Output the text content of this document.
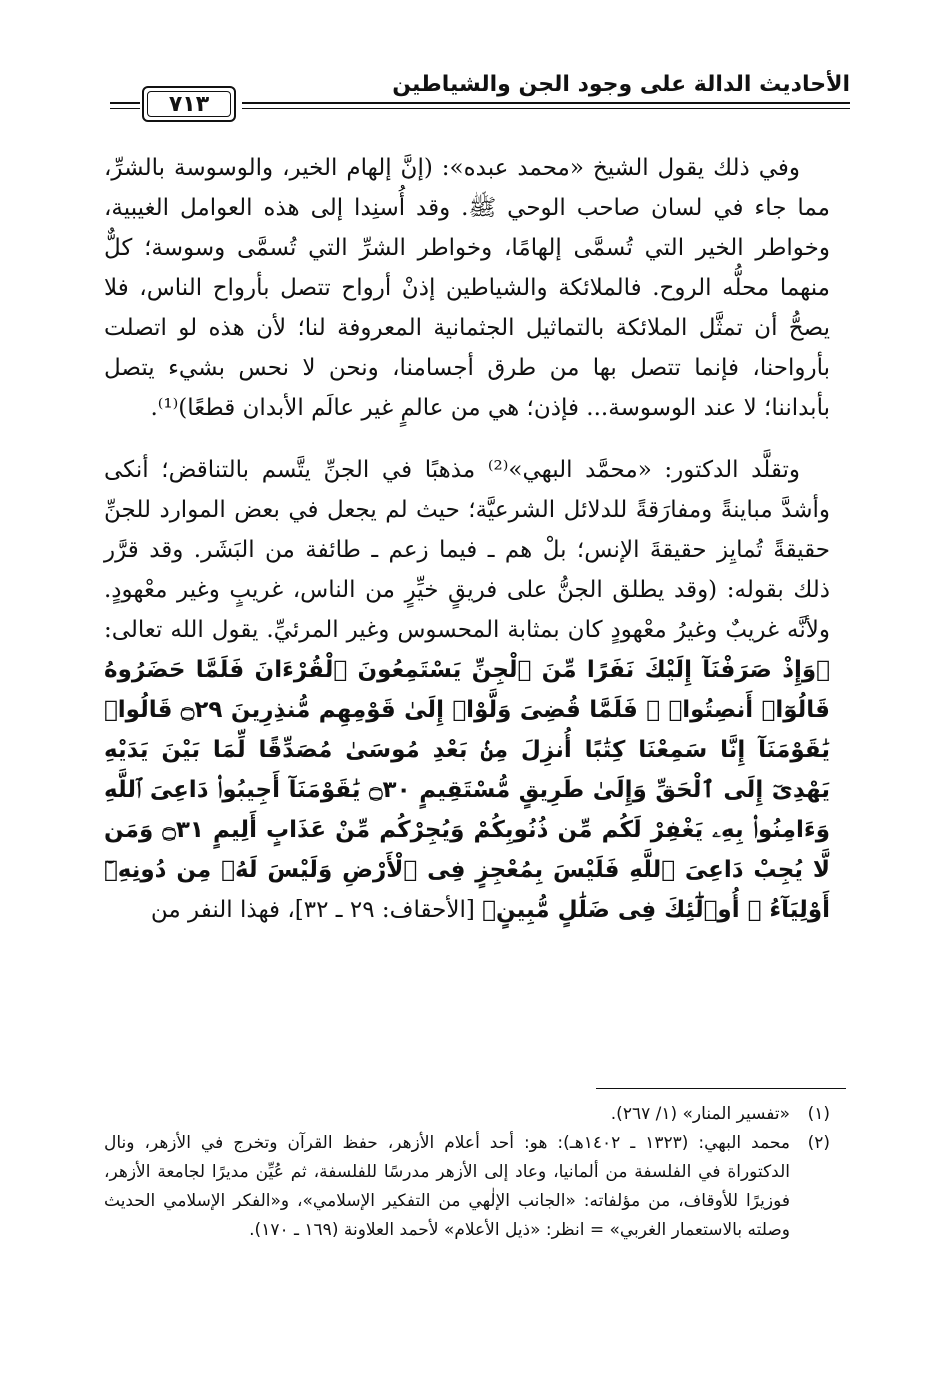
الأحاديث الدالة على وجود الجن والشياطين
٧١٣

وفي ذلك يقول الشيخ «محمد عبده»: (إنَّ إلهام الخير، والوسوسة بالشرِّ، مما جاء في لسان صاحب الوحي ﷺ. وقد أُسنِدا إلى هذه العوامل الغيبية، وخواطر الخير التي تُسمَّى إلهامًا، وخواطر الشرِّ التي تُسمَّى وسوسة؛ كلٌّ منهما محلُّه الروح. فالملائكة والشياطين إذنْ أرواح تتصل بأرواح الناس، فلا يصحُّ أن تمثَّل الملائكة بالتماثيل الجثمانية المعروفة لنا؛ لأن هذه لو اتصلت بأرواحنا، فإنما تتصل بها من طرق أجسامنا، ونحن لا نحس بشيء يتصل بأبداننا؛ لا عند الوسوسة... فإذن؛ هي من عالمٍ غير عالَم الأبدان قطعًا)⁽¹⁾.

وتقلَّد الدكتور: «محمَّد البهي»⁽²⁾ مذهبًا في الجنِّ يتَّسم بالتناقض؛ أنكى وأشدَّ مباينةً ومفارَقةً للدلائل الشرعيَّة؛ حيث لم يجعل في بعض الموارد للجنِّ حقيقةً تُمايِز حقيقةَ الإنس؛ بلْ هم ـ فيما زعم ـ طائفة من البَشَر. وقد قرَّر ذلك بقوله: (وقد يطلق الجنُّ على فريقٍ خيِّرٍ من الناس، غريبٍ وغير معْهودٍ. ولأنَّه غريبٌ وغيرُ معْهودٍ كان بمثابة المحسوس وغير المرئيِّ. يقول الله تعالى: ﴿وَإِذْ صَرَفْنَآ إِلَيْكَ نَفَرًا مِّنَ ٱلْجِنِّ يَسْتَمِعُونَ ٱلْقُرْءَانَ فَلَمَّا حَضَرُوهُ قَالُوٓا۟ أَنصِتُوا۟ ۖ فَلَمَّا قُضِىَ وَلَّوْا۟ إِلَىٰ قَوْمِهِم مُّنذِرِينَ ۝٢٩ قَالُوا۟ يَٰقَوْمَنَآ إِنَّا سَمِعْنَا كِتَٰبًا أُنزِلَ مِنۢ بَعْدِ مُوسَىٰ مُصَدِّقًا لِّمَا بَيْنَ يَدَيْهِ يَهْدِىٓ إِلَى ٱلْحَقِّ وَإِلَىٰ طَرِيقٍ مُّسْتَقِيمٍ ۝٣٠ يَٰقَوْمَنَآ أَجِيبُوا۟ دَاعِىَ ٱللَّهِ وَءَامِنُوا۟ بِهِۦ يَغْفِرْ لَكُم مِّن ذُنُوبِكُمْ وَيُجِرْكُم مِّنْ عَذَابٍ أَلِيمٍ ۝٣١ وَمَن لَّا يُجِبْ دَاعِىَ ٱللَّهِ فَلَيْسَ بِمُعْجِزٍ فِى ٱلْأَرْضِ وَلَيْسَ لَهُۥ مِن دُونِهِۦٓ أَوْلِيَآءُ ۚ أُو۟لَٰٓئِكَ فِى ضَلَٰلٍ مُّبِينٍ﴾ [الأحقاف: ٢٩ ـ ٣٢]، فهذا النفر من

(١)
«تفسير المنار» (١/ ٢٦٧).
(٢)
محمد البهي: (١٣٢٣ ـ ١٤٠٢هـ): هو: أحد أعلام الأزهر، حفظ القرآن وتخرج في الأزهر، ونال الدكتوراة في الفلسفة من ألمانيا، وعاد إلى الأزهر مدرسًا للفلسفة، ثم عُيِّن مديرًا لجامعة الأزهر، فوزيرًا للأوقاف، من مؤلفاته: «الجانب الإلٰهي من التفكير الإسلامي»، و«الفكر الإسلامي الحديث وصلته بالاستعمار الغربي» = انظر: «ذيل الأعلام» لأحمد العلاونة (١٦٩ ـ ١٧٠).
